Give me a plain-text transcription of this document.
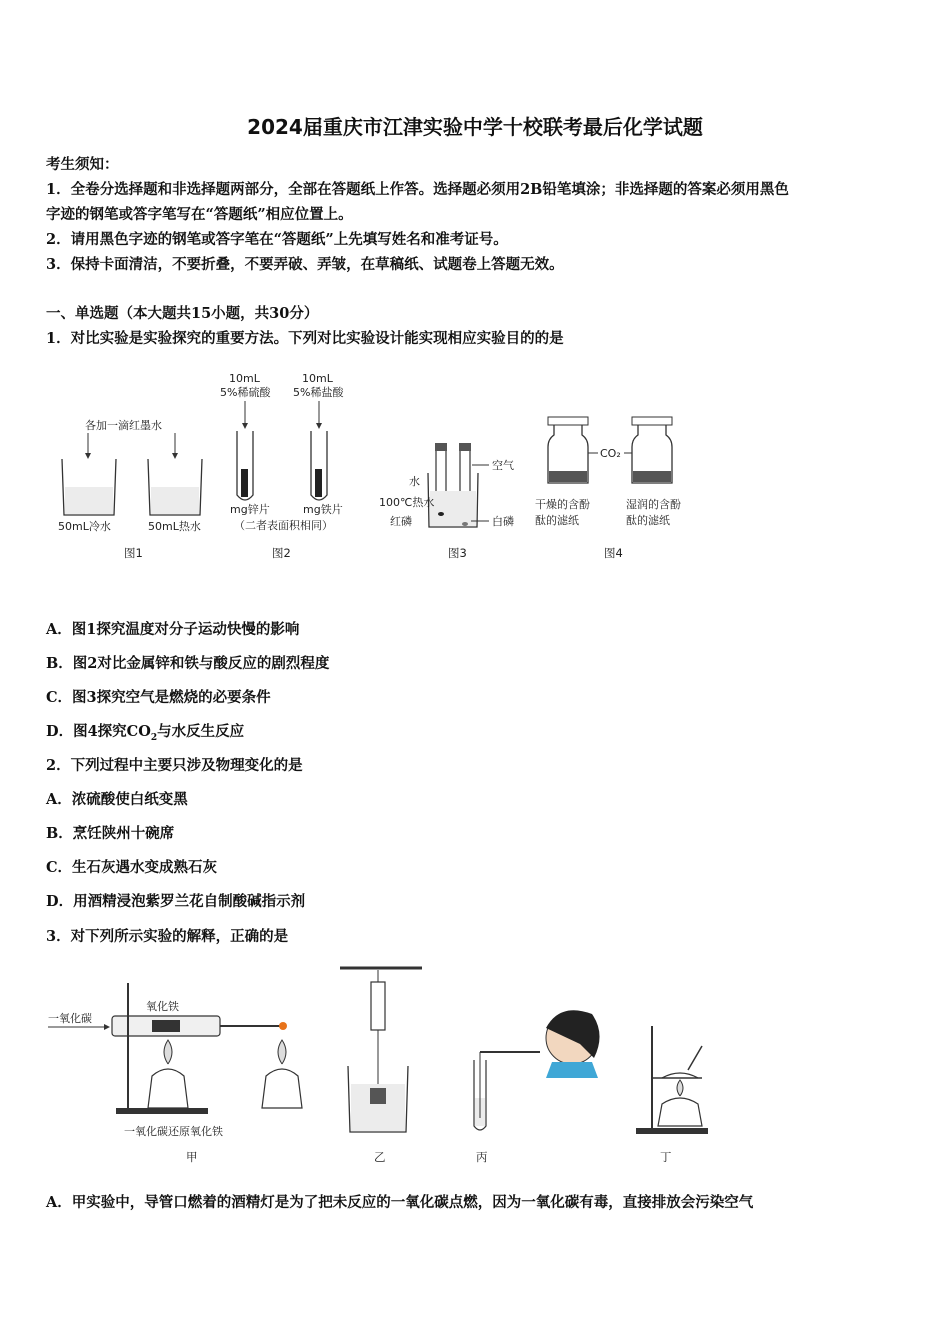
2024届重庆市江津实验中学十校联考最后化学试题
考生须知：
1．全卷分选择题和非选择题两部分，全部在答题纸上作答。选择题必须用2B铅笔填涂；非选择题的答案必须用黑色
字迹的钢笔或答字笔写在“答题纸”相应位置上。
2．请用黑色字迹的钢笔或答字笔在“答题纸”上先填写姓名和准考证号。
3．保持卡面清洁，不要折叠，不要弄破、弄皱，在草稿纸、试题卷上答题无效。
一、单选题（本大题共15小题，共30分）
1．对比实验是实验探究的重要方法。下列对比实验设计能实现相应实验目的的是
各加一滴红墨水
50mL冷水	50mL热水
图1
10mL
5%稀硫酸
10mL
5%稀盐酸
mg锌片	mg铁片
（二者表面积相同）
图2
空气
水
100℃热水
红磷	白磷
图3
CO₂
干燥的含酚
酞的滤纸
湿润的含酚
酞的滤纸
图4
A．图1探究温度对分子运动快慢的影响
B．图2对比金属锌和铁与酸反应的剧烈程度
C．图3探究空气是燃烧的必要条件
D．图4探究$CO_2$与水反生反应
2．下列过程中主要只涉及物理变化的是
A．浓硫酸使白纸变黑
B．烹饪陕州十碗席
C．生石灰遇水变成熟石灰
D．用酒精浸泡紫罗兰花自制酸碱指示剂
3．对下列所示实验的解释，正确的是
一氧化碳
氧化铁
一氧化碳还原氧化铁
甲	乙	丙	丁
A．甲实验中，导管口燃着的酒精灯是为了把未反应的一氧化碳点燃，因为一氧化碳有毒，直接排放会污染空气
